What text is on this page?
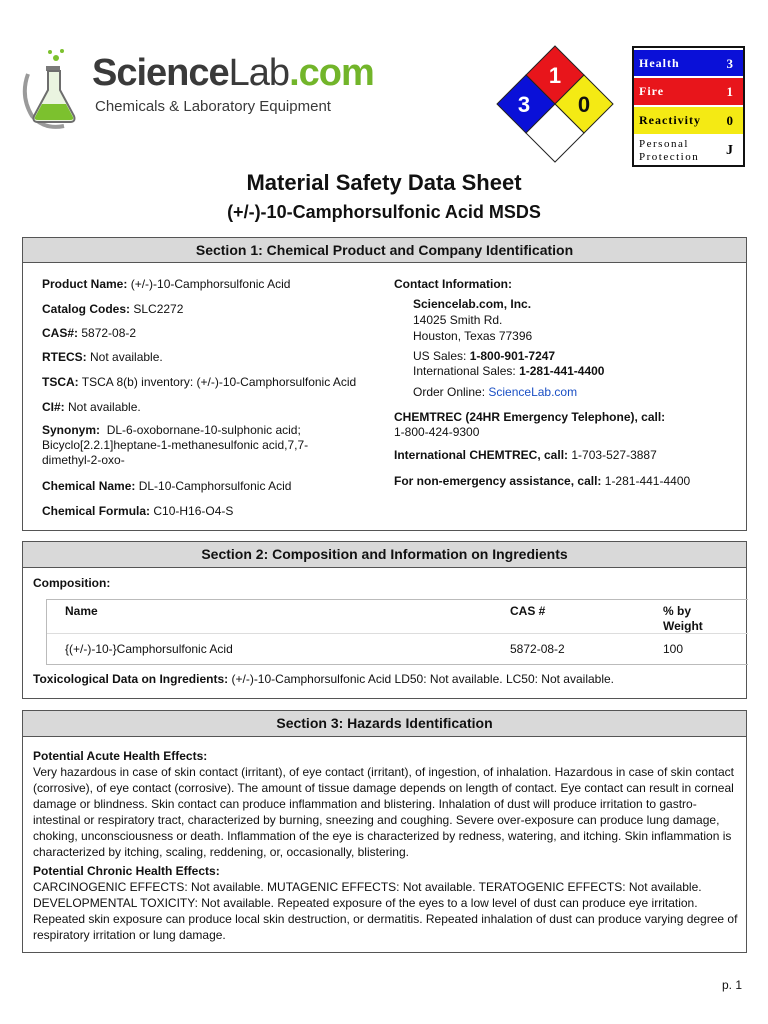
ScienceLab.com
Chemicals & Laboratory Equipment
1
3 0
Health	3
Fire	1
Reactivity 0
Personal
Protection J
Material Safety Data Sheet
(+/-)-10-Camphorsulfonic Acid MSDS
Section 1: Chemical Product and Company Identification
Product Name: (+/-)-10-Camphorsulfonic Acid
Catalog Codes: SLC2272
CAS#: 5872-08-2
RTECS: Not available.
TSCA: TSCA 8(b) inventory: (+/-)-10-Camphorsulfonic Acid
CI#: Not available.
Synonym: DL-6-oxobornane-10-sulphonic acid;
Bicyclo[2.2.1]heptane-1-methanesulfonic acid,7,7-
dimethyl-2-oxo-
Chemical Name: DL-10-Camphorsulfonic Acid
Chemical Formula: C10-H16-O4-S
Contact Information:
Sciencelab.com, Inc.
14025 Smith Rd.
Houston, Texas 77396
US Sales: 1-800-901-7247
International Sales: 1-281-441-4400
Order Online: ScienceLab.com
CHEMTREC (24HR Emergency Telephone), call:
1-800-424-9300
International CHEMTREC, call: 1-703-527-3887
For non-emergency assistance, call: 1-281-441-4400
Section 2: Composition and Information on Ingredients
Composition:
Name	CAS #	% by
Weight
{(+/-)-10-}Camphorsulfonic Acid	5872-08-2	100
Toxicological Data on Ingredients: (+/-)-10-Camphorsulfonic Acid LD50: Not available. LC50: Not available.
Section 3: Hazards Identification
Potential Acute Health Effects:
Very hazardous in case of skin contact (irritant), of eye contact (irritant), of ingestion, of inhalation. Hazardous in case of skin contact (corrosive), of eye contact (corrosive). The amount of tissue damage depends on length of contact. Eye contact can result in corneal damage or blindness. Skin contact can produce inflammation and blistering. Inhalation of dust will produce irritation to gastro-intestinal or respiratory tract, characterized by burning, sneezing and coughing. Severe over-exposure can produce lung damage, choking, unconsciousness or death. Inflammation of the eye is characterized by redness, watering, and itching. Skin inflammation is characterized by itching, scaling, reddening, or, occasionally, blistering.
Potential Chronic Health Effects:
CARCINOGENIC EFFECTS: Not available. MUTAGENIC EFFECTS: Not available. TERATOGENIC EFFECTS: Not available. DEVELOPMENTAL TOXICITY: Not available. Repeated exposure of the eyes to a low level of dust can produce eye irritation. Repeated skin exposure can produce local skin destruction, or dermatitis. Repeated inhalation of dust can produce varying degree of respiratory irritation or lung damage.
p. 1
